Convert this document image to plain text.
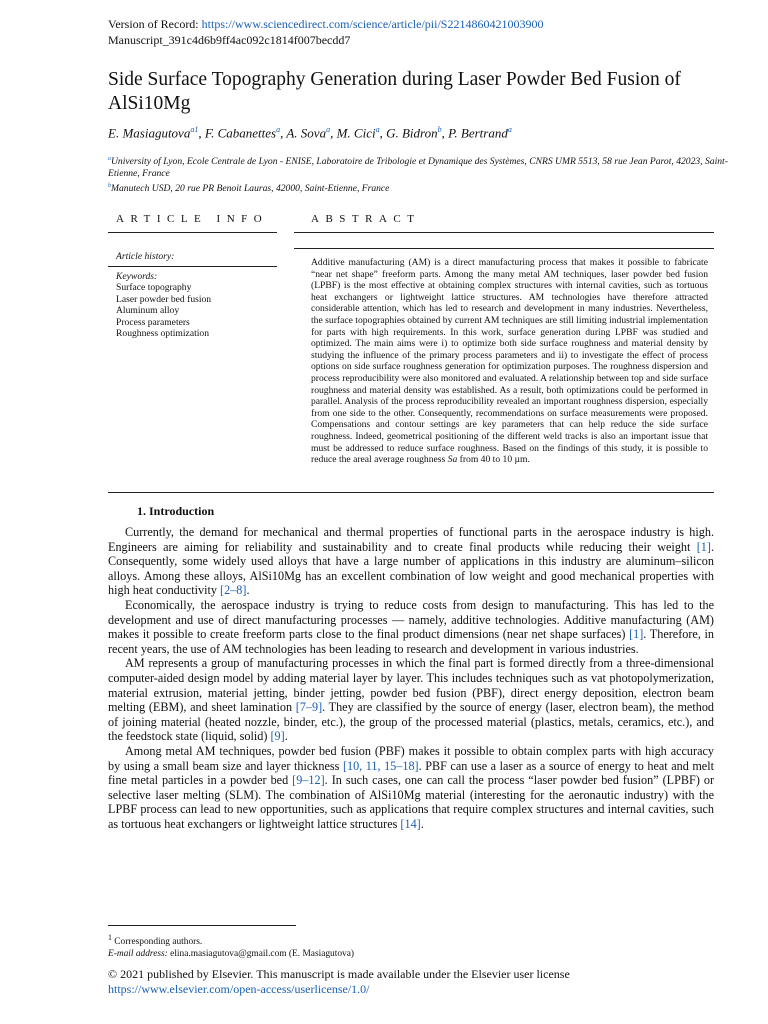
Version of Record: https://www.sciencedirect.com/science/article/pii/S2214860421003900
Manuscript_391c4d6b9ff4ac092c1814f007becdd7
Side Surface Topography Generation during Laser Powder Bed Fusion of AlSi10Mg
E. Masiagutova$^{a1}$, F. Cabanettes$^a$, A. Sova$^a$, M. Cici$^a$, G. Bidron$^b$, P. Bertrand$^a$
$^a$University of Lyon, Ecole Centrale de Lyon - ENISE, Laboratoire de Tribologie et Dynamique des Systèmes, CNRS UMR 5513, 58 rue Jean Parot, 42023, Saint-Etienne, France
$^b$Manutech USD, 20 rue PR Benoit Lauras, 42000, Saint-Etienne, France
ARTICLE INFO	ABSTRACT
Article history:
Keywords:
Surface topography
Laser powder bed fusion
Aluminum alloy
Process parameters
Roughness optimization
Additive manufacturing (AM) is a direct manufacturing process that makes it possible to fabricate “near net shape” freeform parts. Among the many metal AM techniques, laser powder bed fusion (LPBF) is the most effective at obtaining complex structures with internal cavities, such as tortuous heat exchangers or lightweight lattice structures. AM technologies have therefore attracted considerable attention, which has led to research and development in many industries. Nevertheless, the surface topographies obtained by current AM techniques are still limiting industrial implementation for parts with high requirements. In this work, surface generation during LPBF was studied and optimized. The main aims were i) to optimize both side surface roughness and material density by studying the influence of the primary process parameters and ii) to investigate the effect of process options on side surface roughness generation for optimization purposes. The roughness dispersion and process reproducibility were also monitored and evaluated. A relationship between top and side surface roughness and material density was established. As a result, both optimizations could be performed in parallel. Analysis of the process reproducibility revealed an important roughness dispersion, especially from one side to the other. Consequently, recommendations on surface measurements were proposed. Compensations and contour settings are key parameters that can help reduce the side surface roughness. Indeed, geometrical positioning of the different weld tracks is also an important issue that must be addressed to reduce surface roughness. Based on the findings of this study, it is possible to reduce the areal average roughness Sa from 40 to 10 µm.
1. Introduction

Currently, the demand for mechanical and thermal properties of functional parts in the aerospace industry is high. Engineers are aiming for reliability and sustainability and to create final products while reducing their weight [1]. Consequently, some widely used alloys that have a large number of applications in this industry are aluminum–silicon alloys. Among these alloys, AlSi10Mg has an excellent combination of low weight and good mechanical properties with high heat conductivity [2–8].

Economically, the aerospace industry is trying to reduce costs from design to manufacturing. This has led to the development and use of direct manufacturing processes — namely, additive technologies. Additive manufacturing (AM) makes it possible to create freeform parts close to the final product dimensions (near net shape surfaces) [1]. Therefore, in recent years, the use of AM technologies has been leading to research and development in various industries.

AM represents a group of manufacturing processes in which the final part is formed directly from a three-dimensional computer-aided design model by adding material layer by layer. This includes techniques such as vat photopolymerization, material extrusion, material jetting, binder jetting, powder bed fusion (PBF), direct energy deposition, electron beam melting (EBM), and sheet lamination [7–9]. They are classified by the source of energy (laser, electron beam), the method of joining material (heated nozzle, binder, etc.), the group of the processed material (plastics, metals, ceramics, etc.), and the feedstock state (liquid, solid) [9].

Among metal AM techniques, powder bed fusion (PBF) makes it possible to obtain complex parts with high accuracy by using a small beam size and layer thickness [10, 11, 15–18]. PBF can use a laser as a source of energy to heat and melt fine metal particles in a powder bed [9–12]. In such cases, one can call the process “laser powder bed fusion” (LPBF) or selective laser melting (SLM). The combination of AlSi10Mg material (interesting for the aeronautic industry) with the LPBF process can lead to new opportunities, such as applications that require complex structures and internal cavities, such as tortuous heat exchangers or lightweight lattice structures [14].

$^1$ Corresponding authors.
E-mail address: elina.masiagutova@gmail.com (E. Masiagutova)
© 2021 published by Elsevier. This manuscript is made available under the Elsevier user license
https://www.elsevier.com/open-access/userlicense/1.0/
